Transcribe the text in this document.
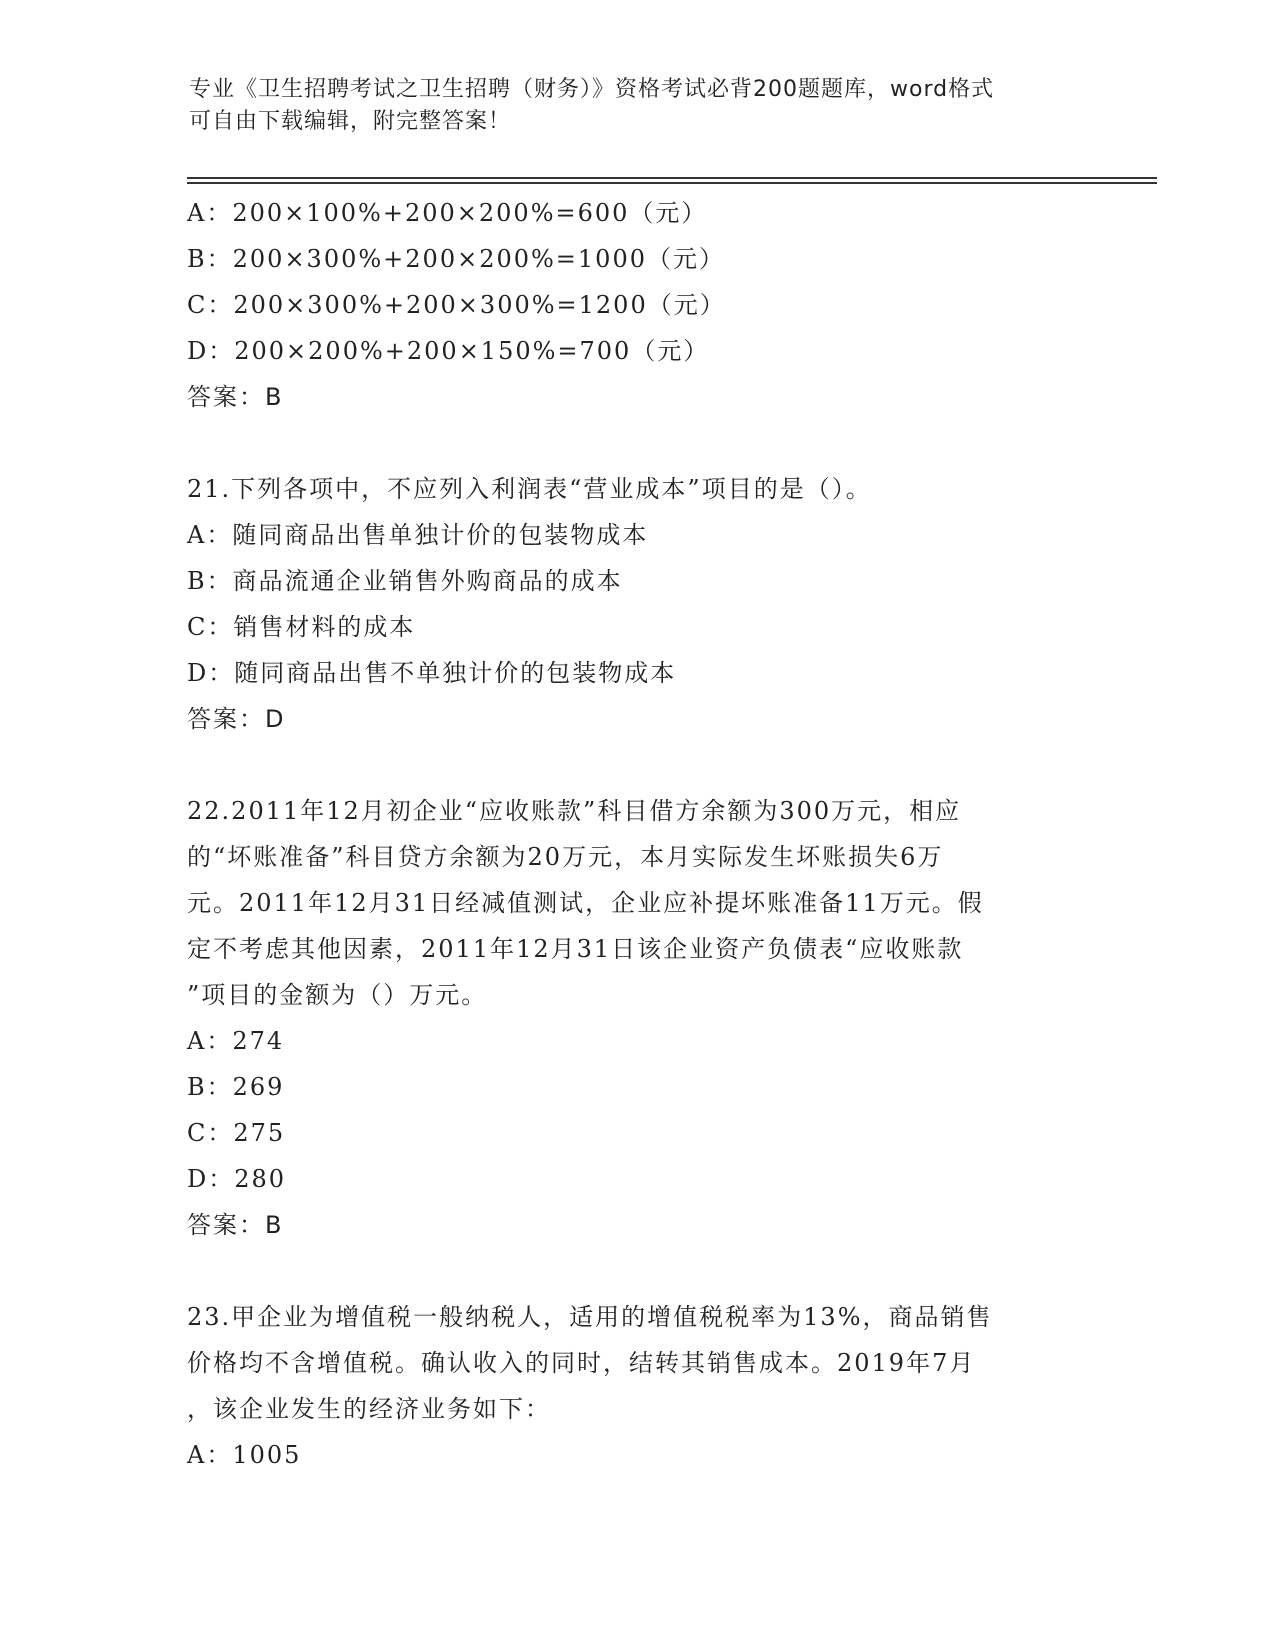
专业《卫生招聘考试之卫生招聘（财务）》资格考试必背200题题库，word格式
可自由下载编辑，附完整答案！
A：200×100%+200×200%=600（元）
B：200×300%+200×200%=1000（元）
C：200×300%+200×300%=1200（元）
D：200×200%+200×150%=700（元）
答案：B
21.下列各项中，不应列入利润表“营业成本”项目的是（）。
A：随同商品出售单独计价的包装物成本
B：商品流通企业销售外购商品的成本
C：销售材料的成本
D：随同商品出售不单独计价的包装物成本
答案：D
22.2011年12月初企业“应收账款”科目借方余额为300万元，相应
的“坏账准备”科目贷方余额为20万元，本月实际发生坏账损失6万
元。2011年12月31日经减值测试，企业应补提坏账准备11万元。假
定不考虑其他因素，2011年12月31日该企业资产负债表“应收账款
”项目的金额为（）万元。
A：274
B：269
C：275
D：280
答案：B
23.甲企业为增值税一般纳税人，适用的增值税税率为13%，商品销售
价格均不含增值税。确认收入的同时，结转其销售成本。2019年7月
，该企业发生的经济业务如下：
A：1005
